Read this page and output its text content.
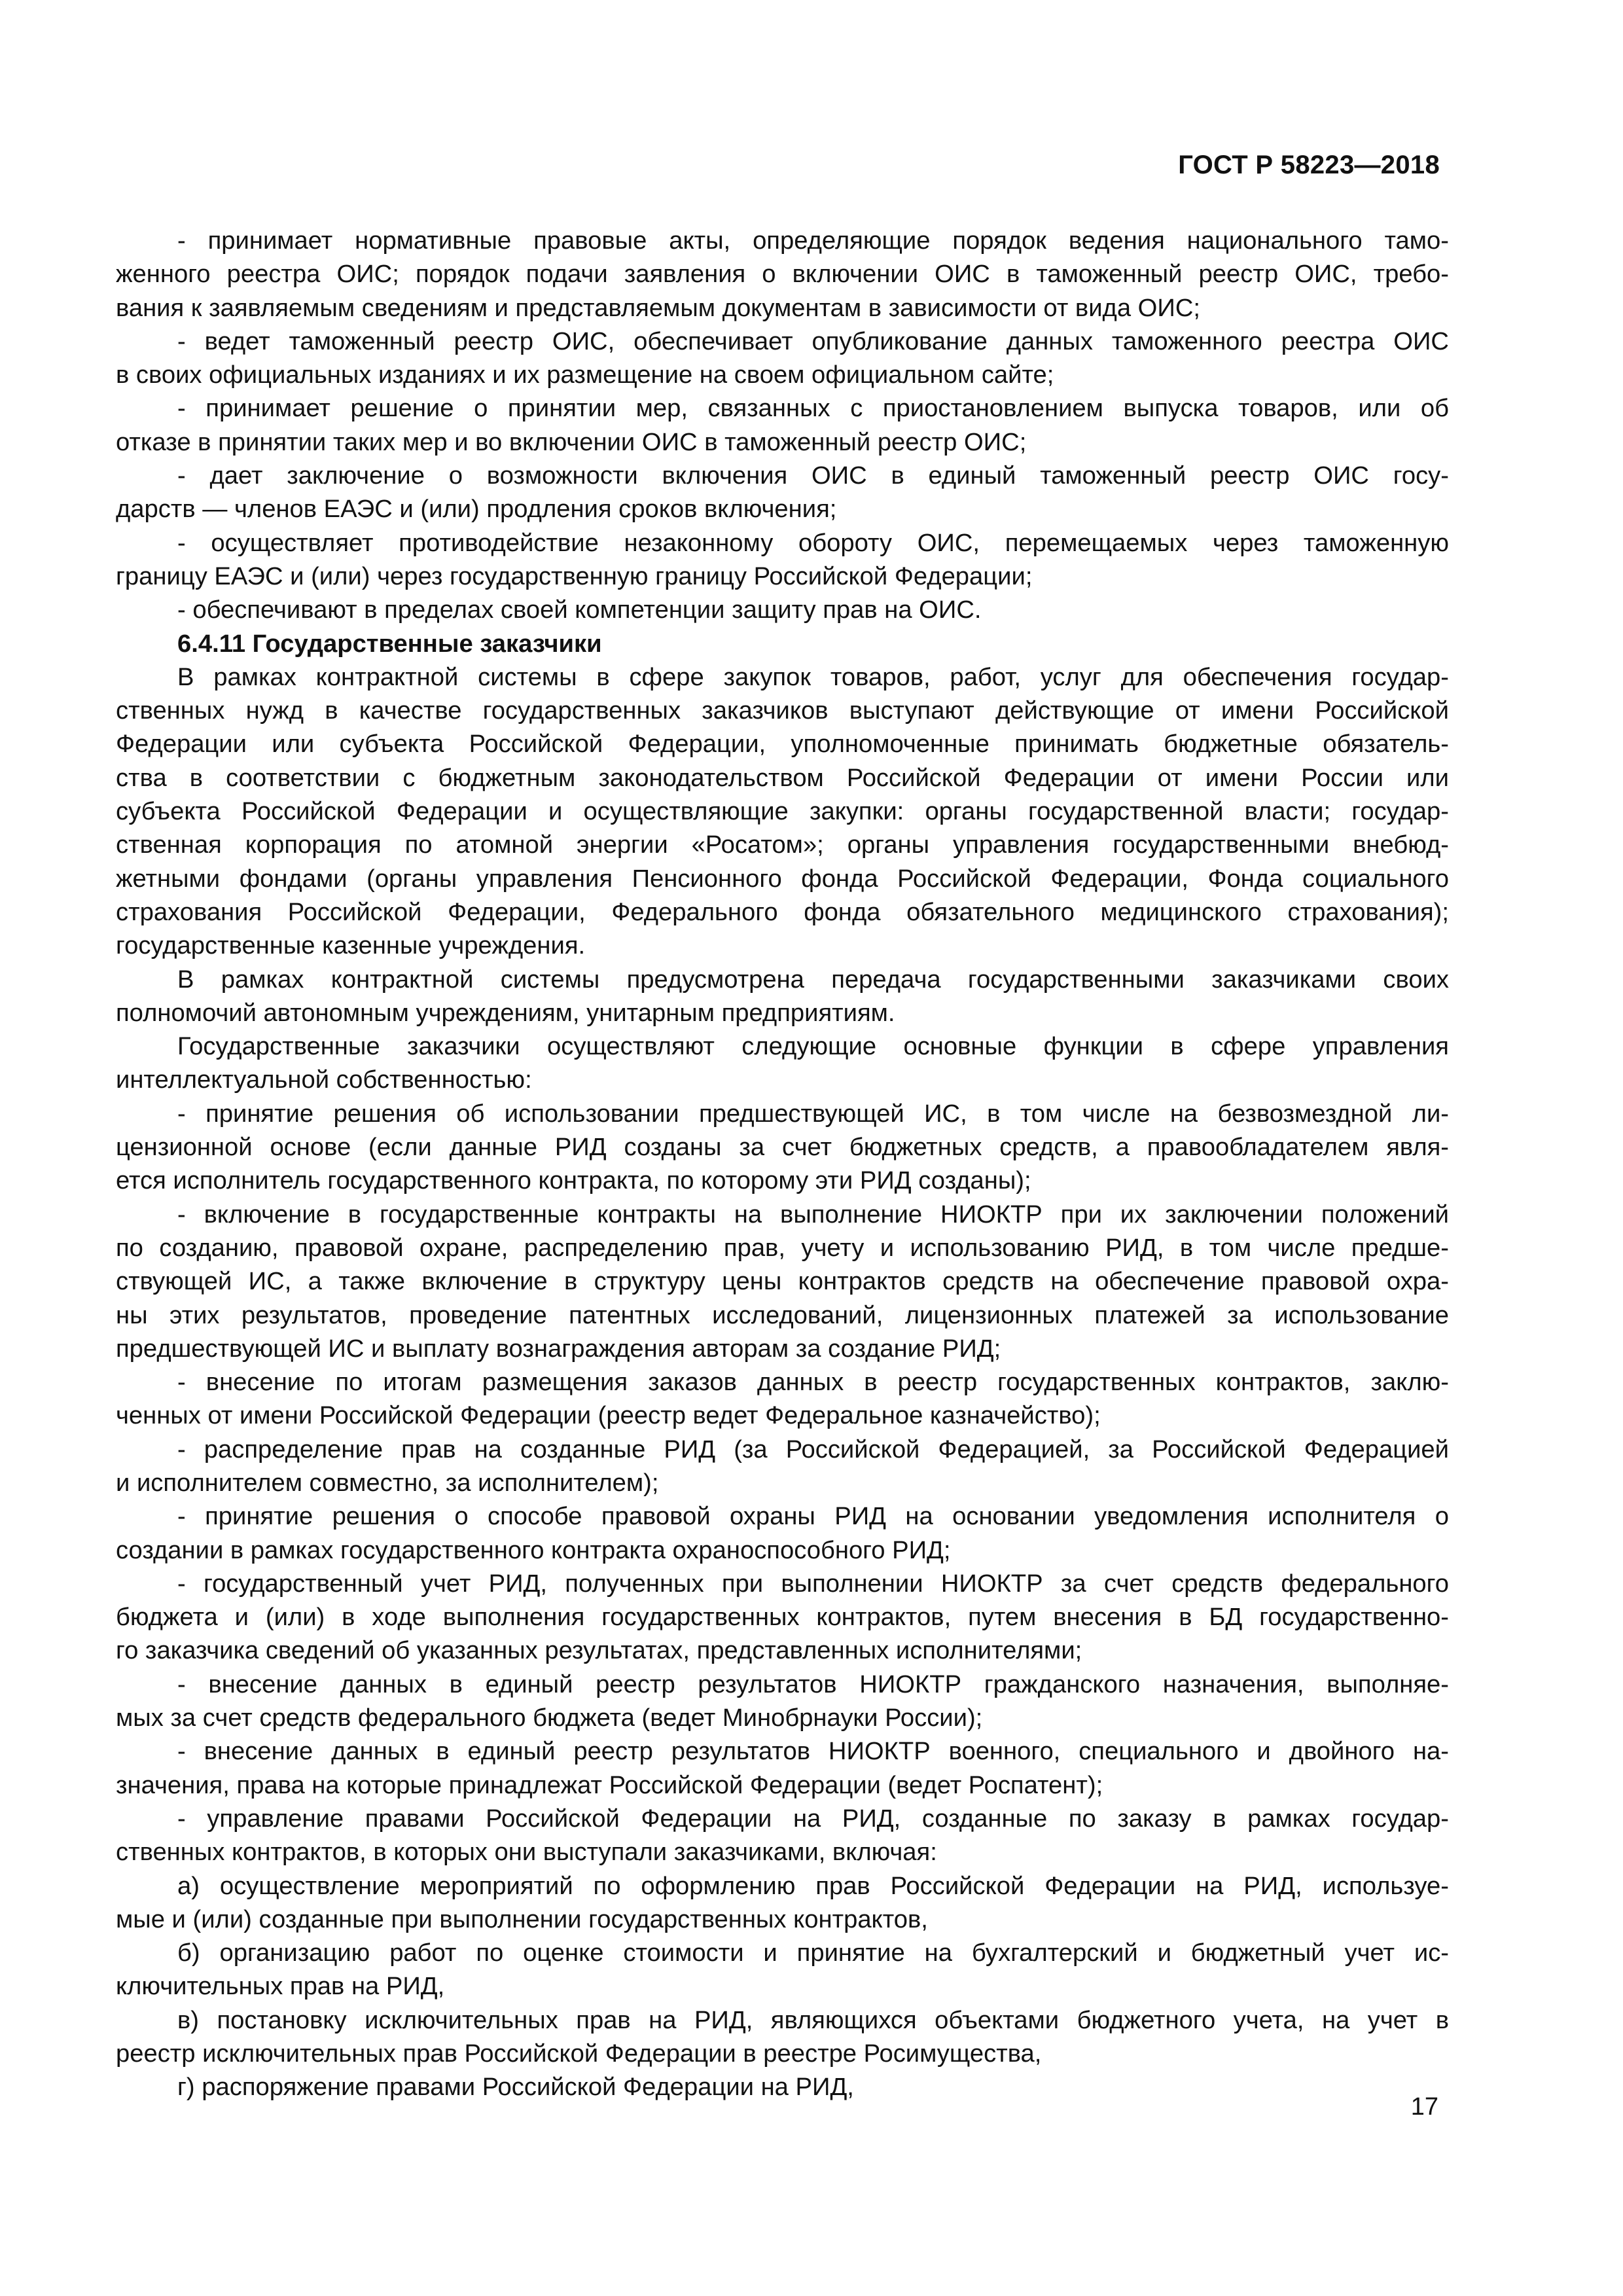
ГОСТ Р 58223—2018
- принимает нормативные правовые акты, определяющие порядок ведения национального тамо-
женного реестра ОИС; порядок подачи заявления о включении ОИС в таможенный реестр ОИС, требо-
вания к заявляемым сведениям и представляемым документам в зависимости от вида ОИС;
- ведет таможенный реестр ОИС, обеспечивает опубликование данных таможенного реестра ОИС
в своих официальных изданиях и их размещение на своем официальном сайте;
- принимает решение о принятии мер, связанных с приостановлением выпуска товаров, или об
отказе в принятии таких мер и во включении ОИС в таможенный реестр ОИС;
- дает заключение о возможности включения ОИС в единый таможенный реестр ОИС госу-
дарств — членов ЕАЭС и (или) продления сроков включения;
- осуществляет противодействие незаконному обороту ОИС, перемещаемых через таможенную
границу ЕАЭС и (или) через государственную границу Российской Федерации;
- обеспечивают в пределах своей компетенции защиту прав на ОИС.
6.4.11 Государственные заказчики
В рамках контрактной системы в сфере закупок товаров, работ, услуг для обеспечения государ-
ственных нужд в качестве государственных заказчиков выступают действующие от имени Российской
Федерации или субъекта Российской Федерации, уполномоченные принимать бюджетные обязатель-
ства в соответствии с бюджетным законодательством Российской Федерации от имени России или
субъекта Российской Федерации и осуществляющие закупки: органы государственной власти; государ-
ственная корпорация по атомной энергии «Росатом»; органы управления государственными внебюд-
жетными фондами (органы управления Пенсионного фонда Российской Федерации, Фонда социального
страхования Российской Федерации, Федерального фонда обязательного медицинского страхования);
государственные казенные учреждения.
В рамках контрактной системы предусмотрена передача государственными заказчиками своих
полномочий автономным учреждениям, унитарным предприятиям.
Государственные заказчики осуществляют следующие основные функции в сфере управления
интеллектуальной собственностью:
- принятие решения об использовании предшествующей ИС, в том числе на безвозмездной ли-
цензионной основе (если данные РИД созданы за счет бюджетных средств, а правообладателем явля-
ется исполнитель государственного контракта, по которому эти РИД созданы);
- включение в государственные контракты на выполнение НИОКТР при их заключении положений
по созданию, правовой охране, распределению прав, учету и использованию РИД, в том числе предше-
ствующей ИС, а также включение в структуру цены контрактов средств на обеспечение правовой охра-
ны этих результатов, проведение патентных исследований, лицензионных платежей за использование
предшествующей ИС и выплату вознаграждения авторам за создание РИД;
- внесение по итогам размещения заказов данных в реестр государственных контрактов, заклю-
ченных от имени Российской Федерации (реестр ведет Федеральное казначейство);
- распределение прав на созданные РИД (за Российской Федерацией, за Российской Федерацией
и исполнителем совместно, за исполнителем);
- принятие решения о способе правовой охраны РИД на основании уведомления исполнителя о
создании в рамках государственного контракта охраноспособного РИД;
- государственный учет РИД, полученных при выполнении НИОКТР за счет средств федерального
бюджета и (или) в ходе выполнения государственных контрактов, путем внесения в БД государственно-
го заказчика сведений об указанных результатах, представленных исполнителями;
- внесение данных в единый реестр результатов НИОКТР гражданского назначения, выполняе-
мых за счет средств федерального бюджета (ведет Минобрнауки России);
- внесение данных в единый реестр результатов НИОКТР военного, специального и двойного на-
значения, права на которые принадлежат Российской Федерации (ведет Роспатент);
- управление правами Российской Федерации на РИД, созданные по заказу в рамках государ-
ственных контрактов, в которых они выступали заказчиками, включая:
а) осуществление мероприятий по оформлению прав Российской Федерации на РИД, используе-
мые и (или) созданные при выполнении государственных контрактов,
б) организацию работ по оценке стоимости и принятие на бухгалтерский и бюджетный учет ис-
ключительных прав на РИД,
в) постановку исключительных прав на РИД, являющихся объектами бюджетного учета, на учет в
реестр исключительных прав Российской Федерации в реестре Росимущества,
г) распоряжение правами Российской Федерации на РИД,
17
